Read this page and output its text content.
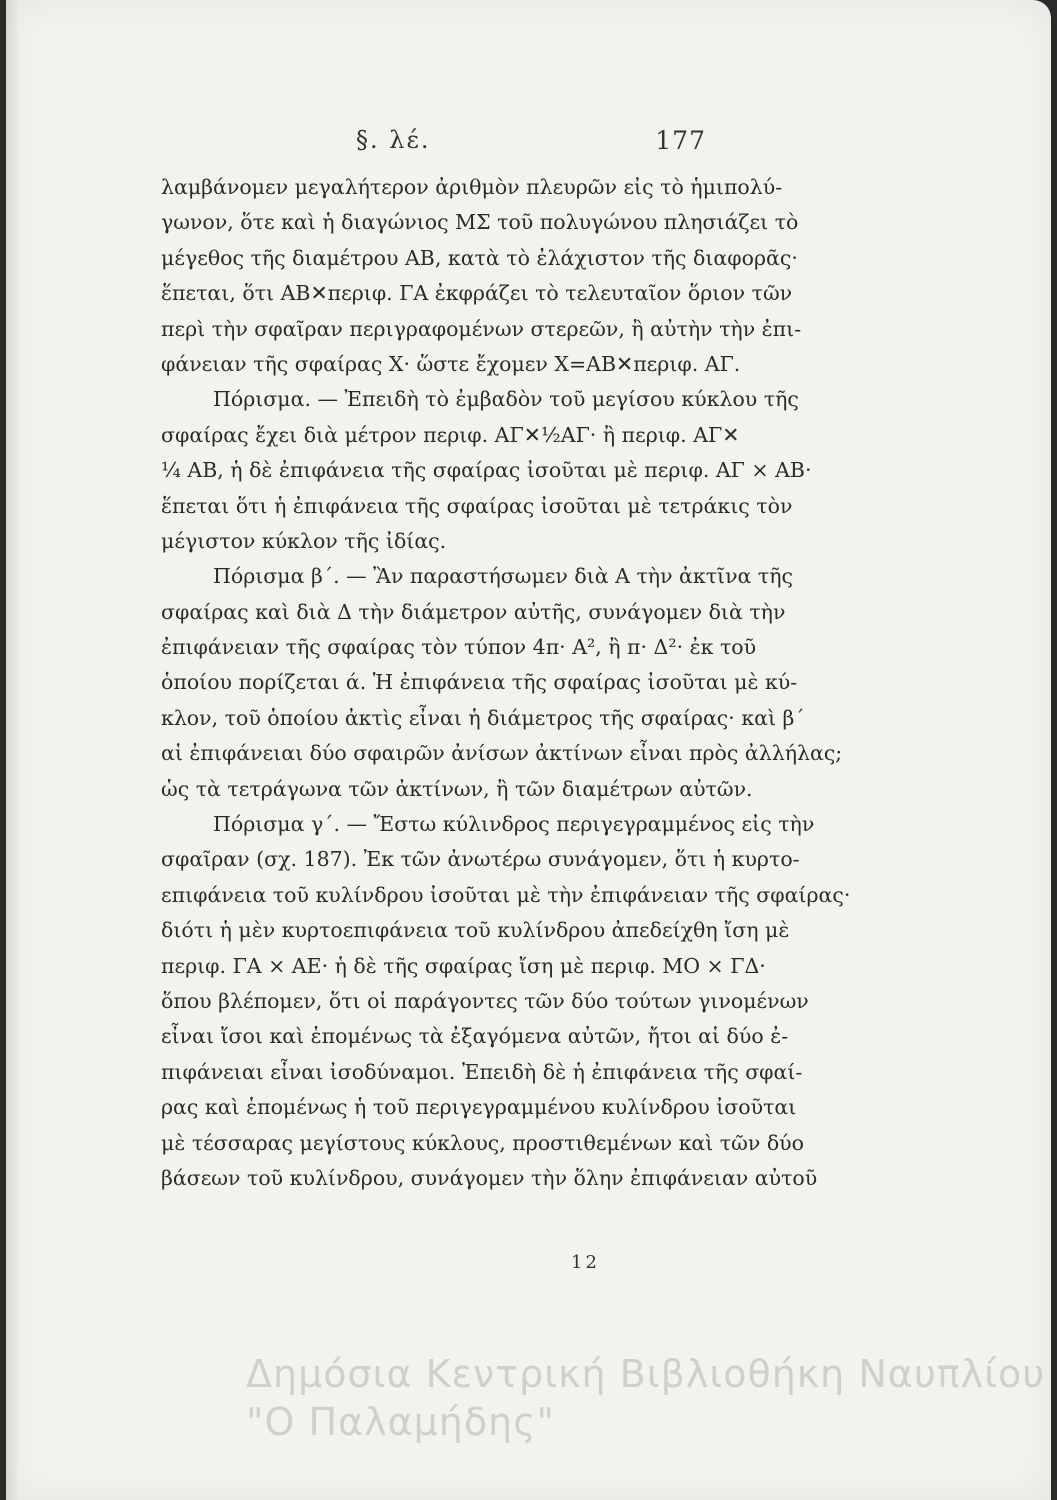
§. λέ.	177
λαμβάνομεν μεγαλήτερον ἀριθμὸν πλευρῶν εἰς τὸ ἡμιπολύ-
γωνον, ὅτε καὶ ἡ διαγώνιος ΜΣ τοῦ πολυγώνου πλησιάζει τὸ
μέγεθος τῆς διαμέτρου ΑΒ, κατὰ τὸ ἐλάχιστον τῆς διαφορᾶς·
ἕπεται, ὅτι ΑΒ✕περιφ. ΓΑ ἐκφράζει τὸ τελευταῖον ὅριον τῶν
περὶ τὴν σφαῖραν περιγραφομένων στερεῶν, ἢ αὐτὴν τὴν ἐπι-
φάνειαν τῆς σφαίρας Χ· ὥστε ἔχομεν Χ=ΑΒ✕περιφ. ΑΓ.
Πόρισμα. — Ἐπειδὴ τὸ ἐμβαδὸν τοῦ μεγίσου κύκλου τῆς
σφαίρας ἔχει διὰ μέτρον περιφ. ΑΓ✕½ΑΓ· ἢ περιφ. ΑΓ✕
¼ ΑΒ, ἡ δὲ ἐπιφάνεια τῆς σφαίρας ἰσοῦται μὲ περιφ. ΑΓ × ΑΒ·
ἕπεται ὅτι ἡ ἐπιφάνεια τῆς σφαίρας ἰσοῦται μὲ τετράκις τὸν
μέγιστον κύκλον τῆς ἰδίας.
Πόρισμα β΄. — Ἂν παραστήσωμεν διὰ Α τὴν ἀκτῖνα τῆς
σφαίρας καὶ διὰ Δ τὴν διάμετρον αὐτῆς, συνάγομεν διὰ τὴν
ἐπιφάνειαν τῆς σφαίρας τὸν τύπον 4π· Α², ἢ π· Δ²· ἐκ τοῦ
ὁποίου πορίζεται ά. Ἡ ἐπιφάνεια τῆς σφαίρας ἰσοῦται μὲ κύ-
κλον, τοῦ ὁποίου ἀκτὶς εἶναι ἡ διάμετρος τῆς σφαίρας· καὶ β΄
αἱ ἐπιφάνειαι δύο σφαιρῶν ἀνίσων ἀκτίνων εἶναι πρὸς ἀλλήλας;
ὡς τὰ τετράγωνα τῶν ἀκτίνων, ἢ τῶν διαμέτρων αὐτῶν.
Πόρισμα γ΄. — Ἔστω κύλινδρος περιγεγραμμένος εἰς τὴν
σφαῖραν (σχ. 187). Ἐκ τῶν ἀνωτέρω συνάγομεν, ὅτι ἡ κυρτο-
επιφάνεια τοῦ κυλίνδρου ἰσοῦται μὲ τὴν ἐπιφάνειαν τῆς σφαίρας·
διότι ἡ μὲν κυρτοεπιφάνεια τοῦ κυλίνδρου ἀπεδείχθη ἴση μὲ
περιφ. ΓΑ × ΑΕ· ἡ δὲ τῆς σφαίρας ἴση μὲ περιφ. ΜΟ × ΓΔ·
ὅπου βλέπομεν, ὅτι οἱ παράγοντες τῶν δύο τούτων γινομένων
εἶναι ἴσοι καὶ ἑπομένως τὰ ἐξαγόμενα αὐτῶν, ἤτοι αἱ δύο ἐ-
πιφάνειαι εἶναι ἰσοδύναμοι. Ἐπειδὴ δὲ ἡ ἐπιφάνεια τῆς σφαί-
ρας καὶ ἑπομένως ἡ τοῦ περιγεγραμμένου κυλίνδρου ἰσοῦται
μὲ τέσσαρας μεγίστους κύκλους, προστιθεμένων καὶ τῶν δύο
βάσεων τοῦ κυλίνδρου, συνάγομεν τὴν ὅλην ἐπιφάνειαν αὐτοῦ
12
Δημόσια Κεντρική Βιβλιοθήκη Ναυπλίου
"Ο Παλαμήδης"
